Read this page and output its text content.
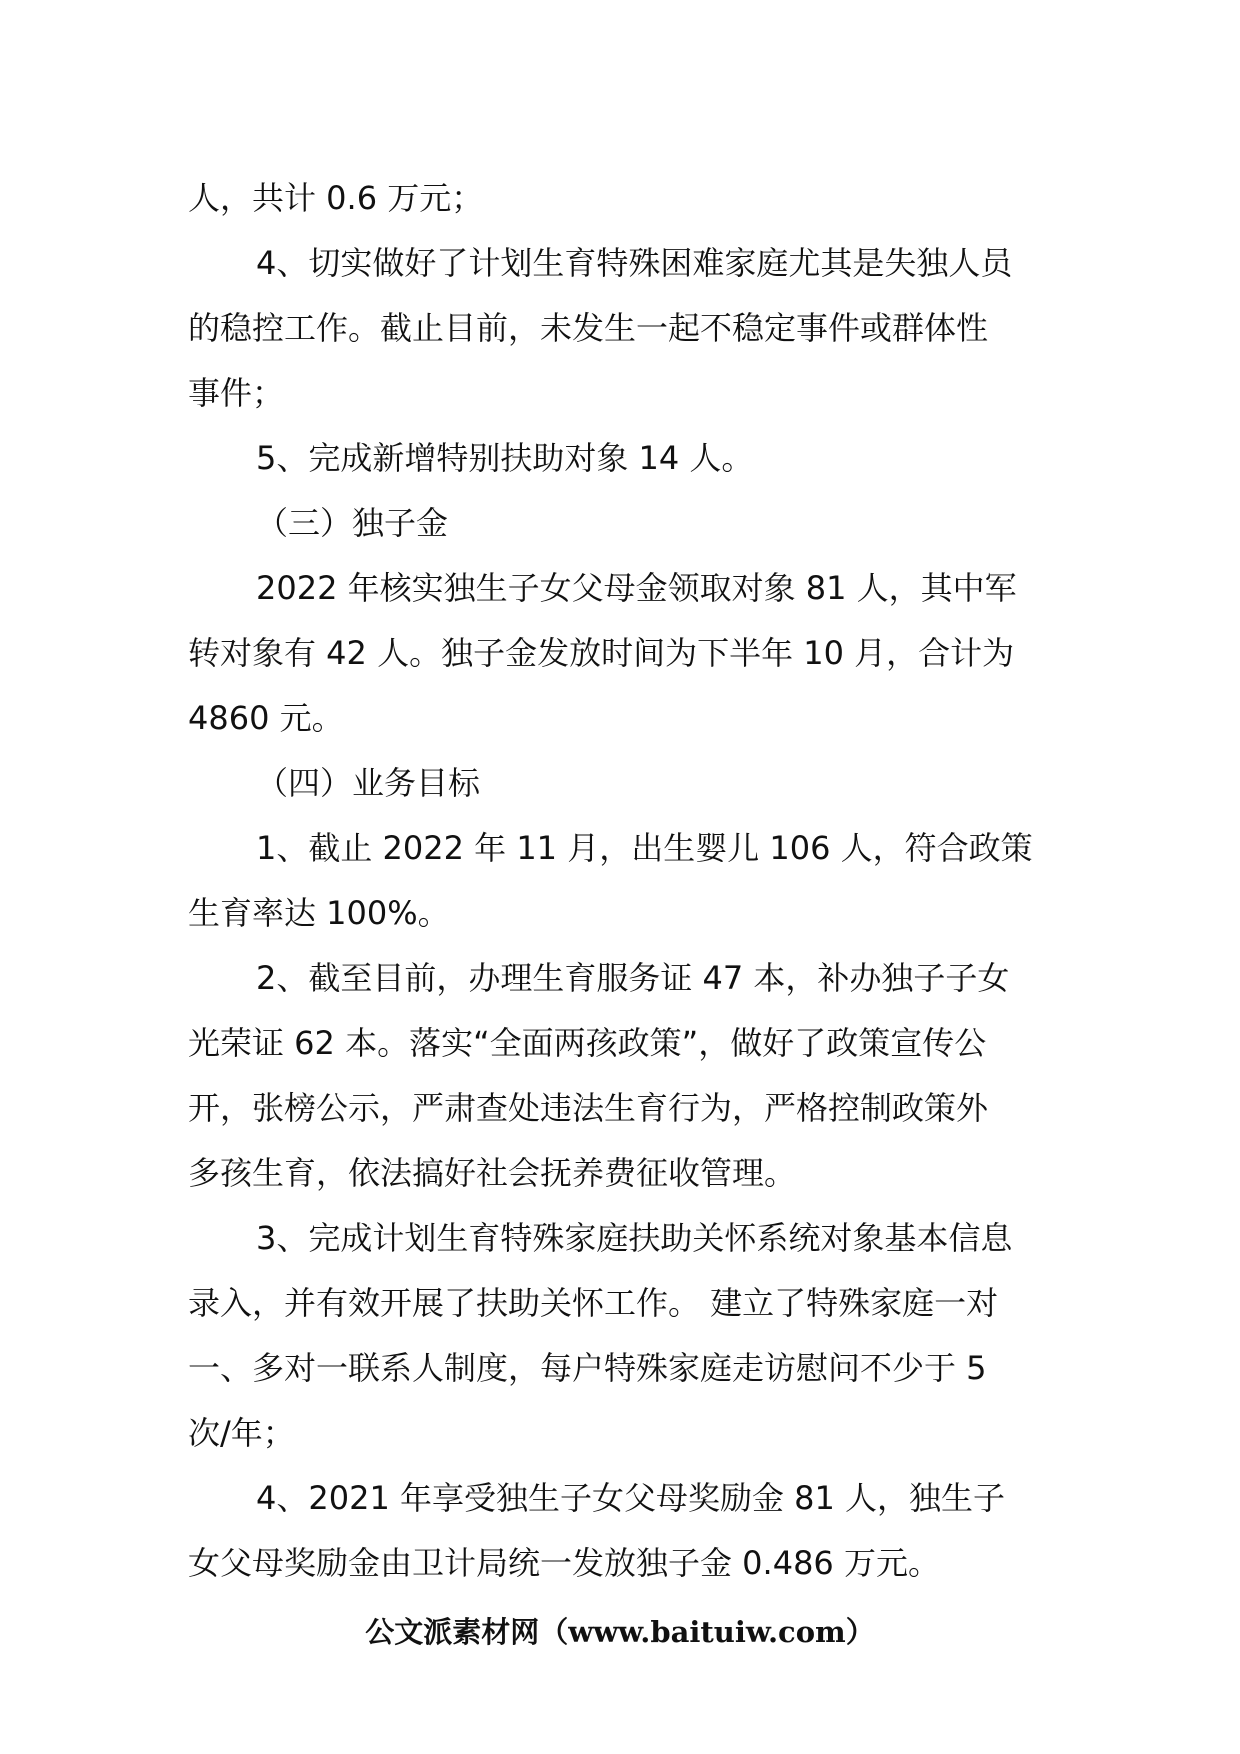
人，共计 0.6 万元；
4、切实做好了计划生育特殊困难家庭尤其是失独人员
的稳控工作。截止目前，未发生一起不稳定事件或群体性
事件；
5、完成新增特别扶助对象 14 人。
（三）独子金
2022 年核实独生子女父母金领取对象 81 人，其中军
转对象有 42 人。独子金发放时间为下半年 10 月，合计为
4860 元。
（四）业务目标
1、截止 2022 年 11 月，出生婴儿 106 人，符合政策
生育率达 100%。
2、截至目前，办理生育服务证 47 本，补办独子子女
光荣证 62 本。落实“全面两孩政策”，做好了政策宣传公
开，张榜公示，严肃查处违法生育行为，严格控制政策外
多孩生育，依法搞好社会抚养费征收管理。
3、完成计划生育特殊家庭扶助关怀系统对象基本信息
录入，并有效开展了扶助关怀工作。 建立了特殊家庭一对
一、多对一联系人制度，每户特殊家庭走访慰问不少于 5
次/年；
4、2021 年享受独生子女父母奖励金 81 人，独生子
女父母奖励金由卫计局统一发放独子金 0.486 万元。
公文派素材网（www.baituiw.com）
